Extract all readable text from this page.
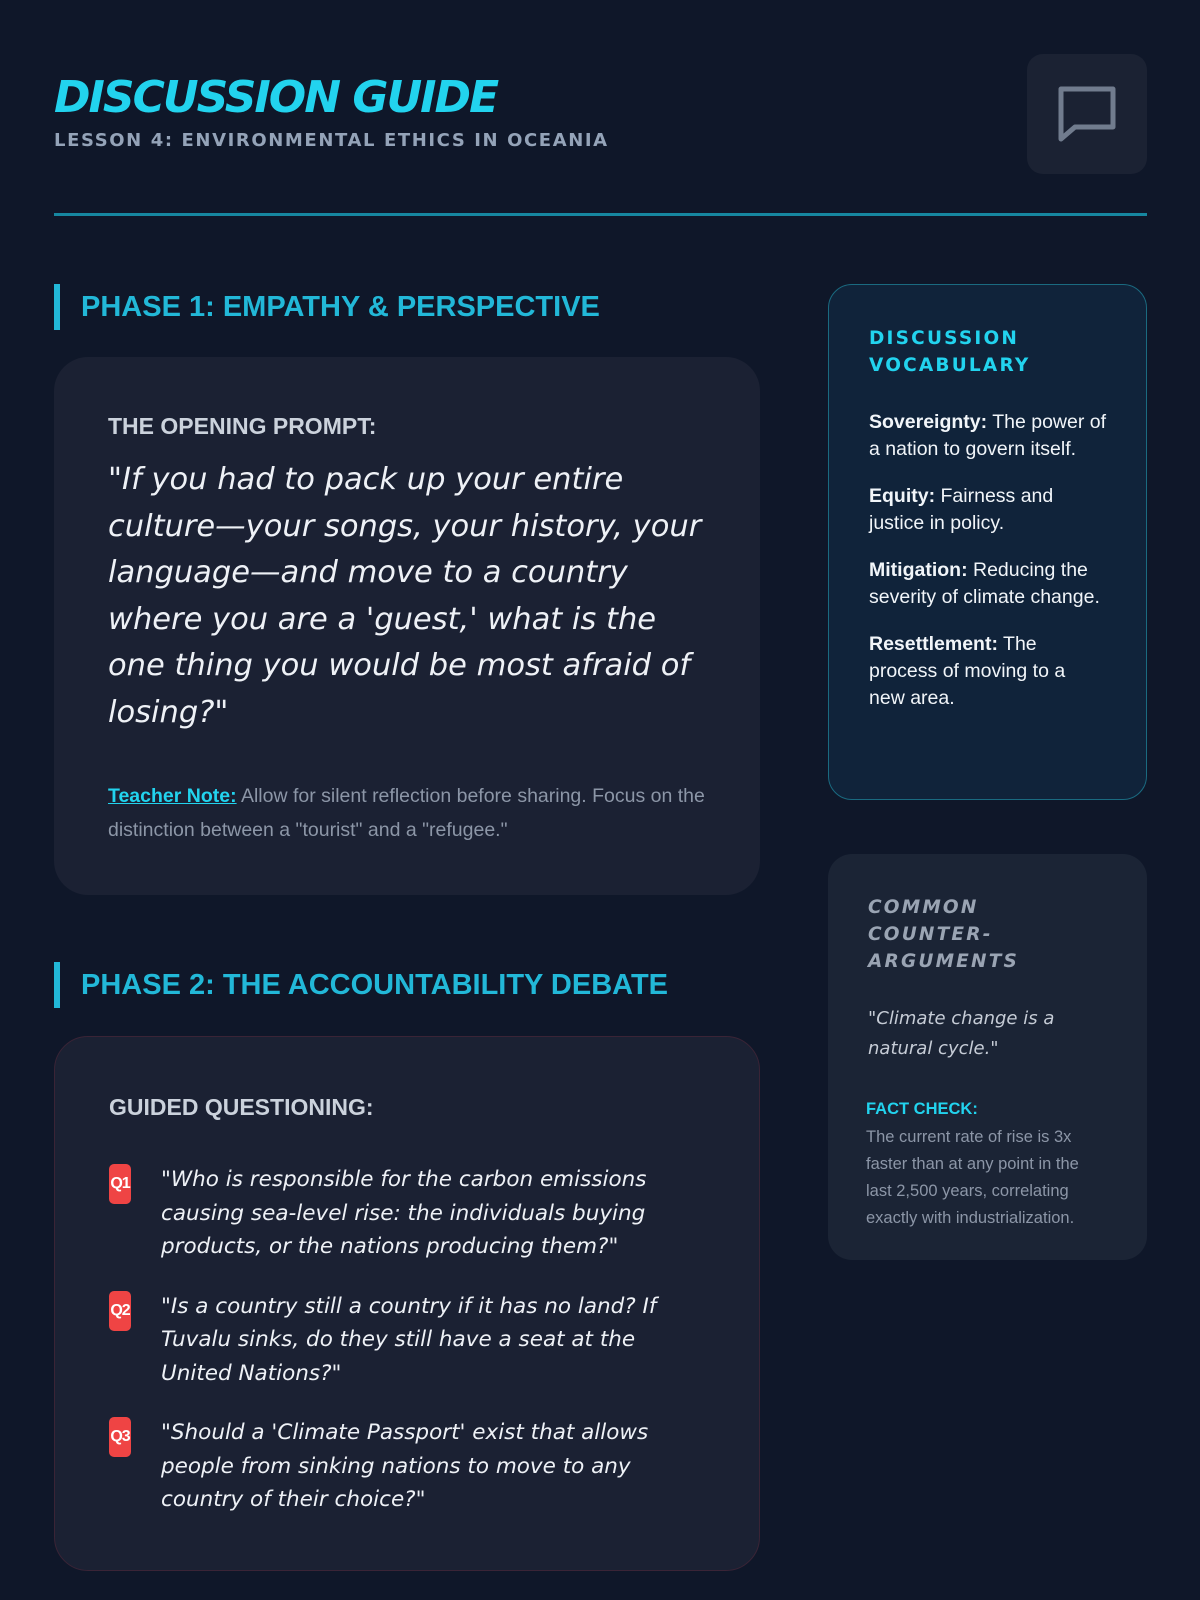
DISCUSSION GUIDE
LESSON 4: ENVIRONMENTAL ETHICS IN OCEANIA
PHASE 1: EMPATHY & PERSPECTIVE
THE OPENING PROMPT:

"If you had to pack up your entire culture—your songs, your history, your language—and move to a country where you are a 'guest,' what is the one thing you would be most afraid of losing?"

Teacher Note: Allow for silent reflection before sharing. Focus on the distinction between a "tourist" and a "refugee."

PHASE 2: THE ACCOUNTABILITY DEBATE
GUIDED QUESTIONING:
Q1 "Who is responsible for the carbon emissions causing sea-level rise: the individuals buying products, or the nations producing them?"

Q2 "Is a country still a country if it has no land? If Tuvalu sinks, do they still have a seat at the United Nations?"

Q3 "Should a 'Climate Passport' exist that allows people from sinking nations to move to any country of their choice?"

DISCUSSION VOCABULARY

Sovereignty: The power of a nation to govern itself.

Equity: Fairness and justice in policy.

Mitigation: Reducing the severity of climate change.

Resettlement: The process of moving to a new area.

COMMON COUNTER-ARGUMENTS

"Climate change is a natural cycle."

FACT CHECK:

The current rate of rise is 3x faster than at any point in the last 2,500 years, correlating exactly with industrialization.
